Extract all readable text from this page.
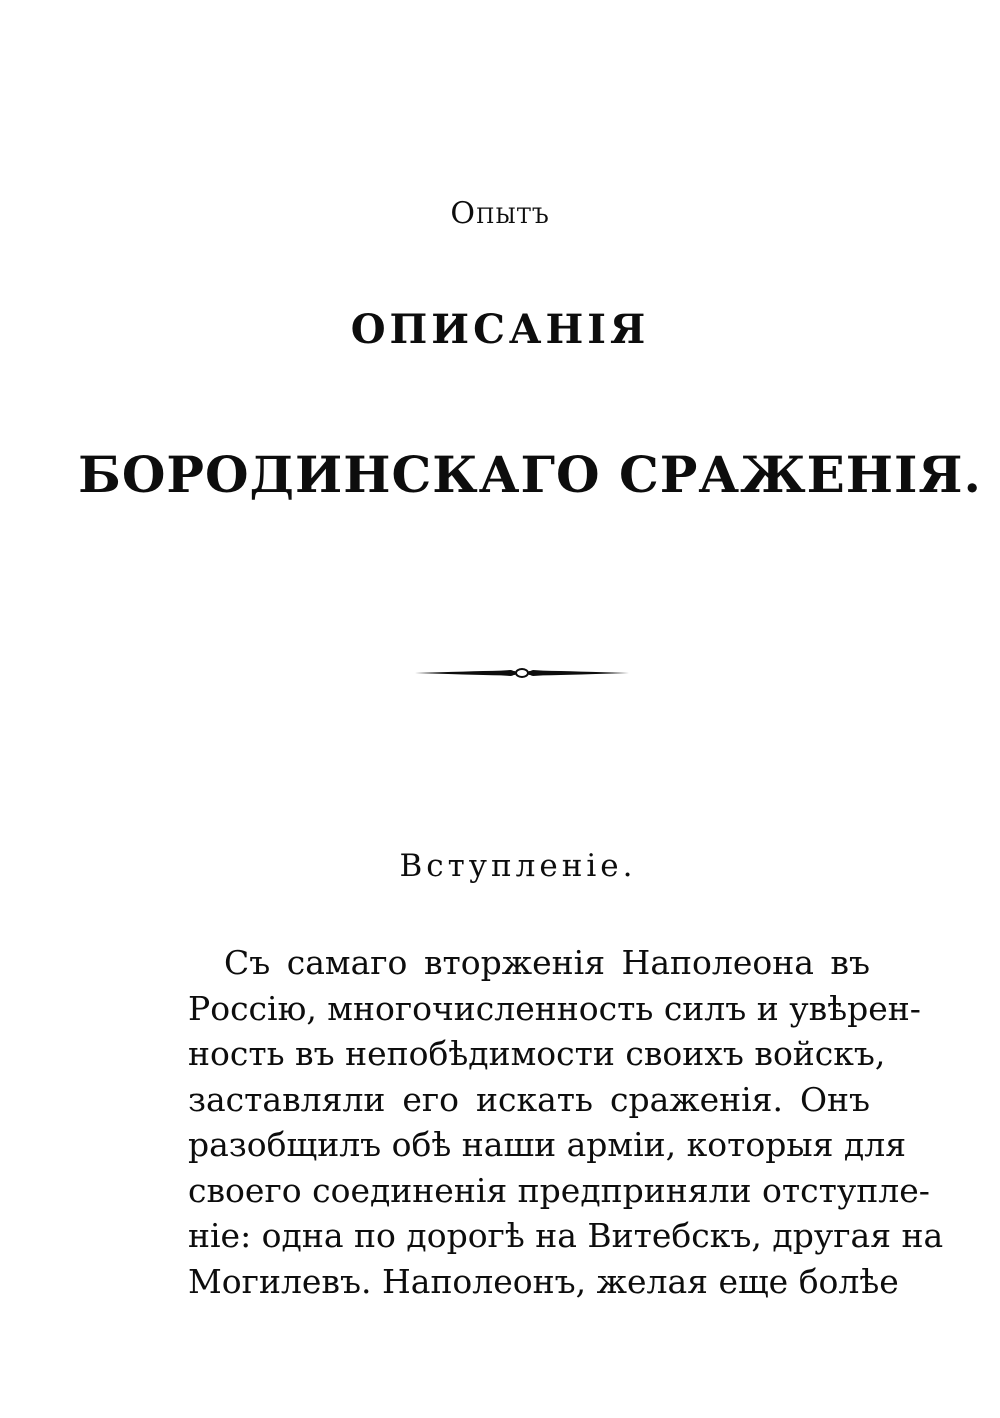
Опытъ

ОПИСАНІЯ

БОРОДИНСКАГО СРАЖЕНІЯ.

Вступленіе.

Съ самаго вторженія Наполеона въ
Россію, многочисленность силъ и увѣрен-
ность въ непобѣдимости своихъ войскъ,
заставляли его искать сраженія. Онъ
разобщилъ обѣ наши арміи, которыя для
своего соединенія предприняли отступле-
ніе: одна по дорогѣ на Витебскъ, другая на
Могилевъ. Наполеонъ, желая еще болѣе
